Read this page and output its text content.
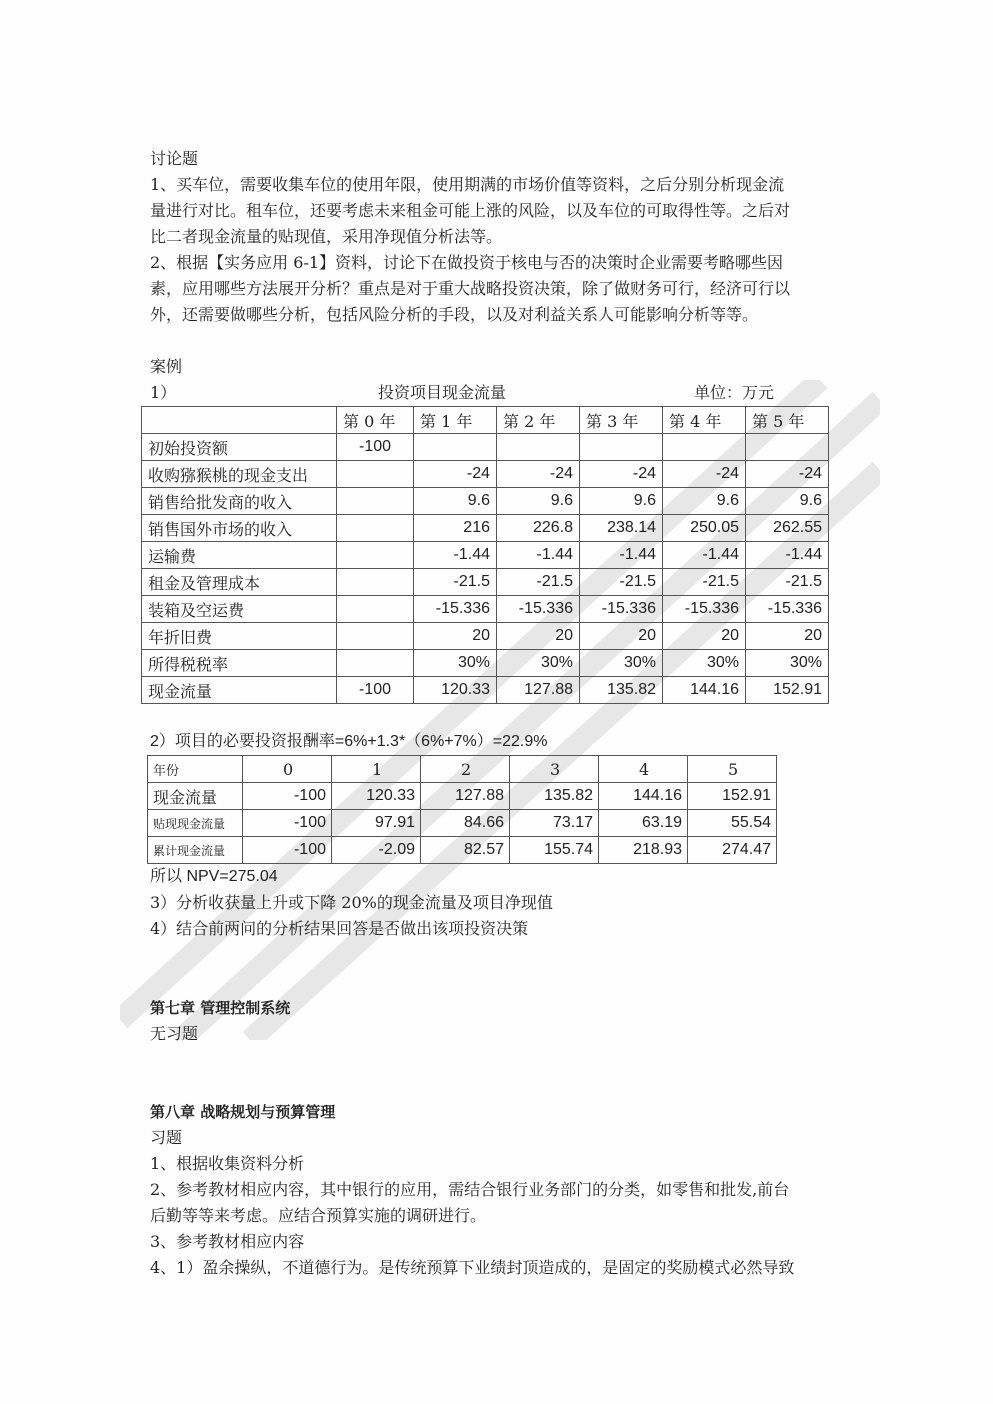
讨论题
1、买车位，需要收集车位的使用年限，使用期满的市场价值等资料，之后分别分析现金流
量进行对比。租车位，还要考虑未来租金可能上涨的风险，以及车位的可取得性等。之后对
比二者现金流量的贴现值，采用净现值分析法等。
2、根据【实务应用 6-1】资料，讨论下在做投资于核电与否的决策时企业需要考略哪些因
素，应用哪些方法展开分析？重点是对于重大战略投资决策，除了做财务可行，经济可行以
外，还需要做哪些分析，包括风险分析的手段，以及对利益关系人可能影响分析等等。
案例
1）	投资项目现金流量	单位：万元
	第 0 年	第 1 年	第 2 年	第 3 年	第 4 年	第 5 年
初始投资额	-100					
收购猕猴桃的现金支出		-24	-24	-24	-24	-24
销售给批发商的收入		9.6	9.6	9.6	9.6	9.6
销售国外市场的收入		216	226.8	238.14	250.05	262.55
运输费		-1.44	-1.44	-1.44	-1.44	-1.44
租金及管理成本		-21.5	-21.5	-21.5	-21.5	-21.5
装箱及空运费		-15.336	-15.336	-15.336	-15.336	-15.336
年折旧费		20	20	20	20	20
所得税税率		30%	30%	30%	30%	30%
现金流量	-100	120.33	127.88	135.82	144.16	152.91
2）项目的必要投资报酬率=6%+1.3*（6%+7%）=22.9%
年份	0	1	2	3	4	5
现金流量	-100	120.33	127.88	135.82	144.16	152.91
贴现现金流量	-100	97.91	84.66	73.17	63.19	55.54
累计现金流量	-100	-2.09	82.57	155.74	218.93	274.47
所以 NPV=275.04
3）分析收获量上升或下降 20%的现金流量及项目净现值
4）结合前两问的分析结果回答是否做出该项投资决策
第七章 管理控制系统
无习题
第八章 战略规划与预算管理
习题
1、根据收集资料分析
2、参考教材相应内容，其中银行的应用，需结合银行业务部门的分类，如零售和批发,前台
后勤等等来考虑。应结合预算实施的调研进行。
3、参考教材相应内容
4、1）盈余操纵，不道德行为。是传统预算下业绩封顶造成的，是固定的奖励模式必然导致
